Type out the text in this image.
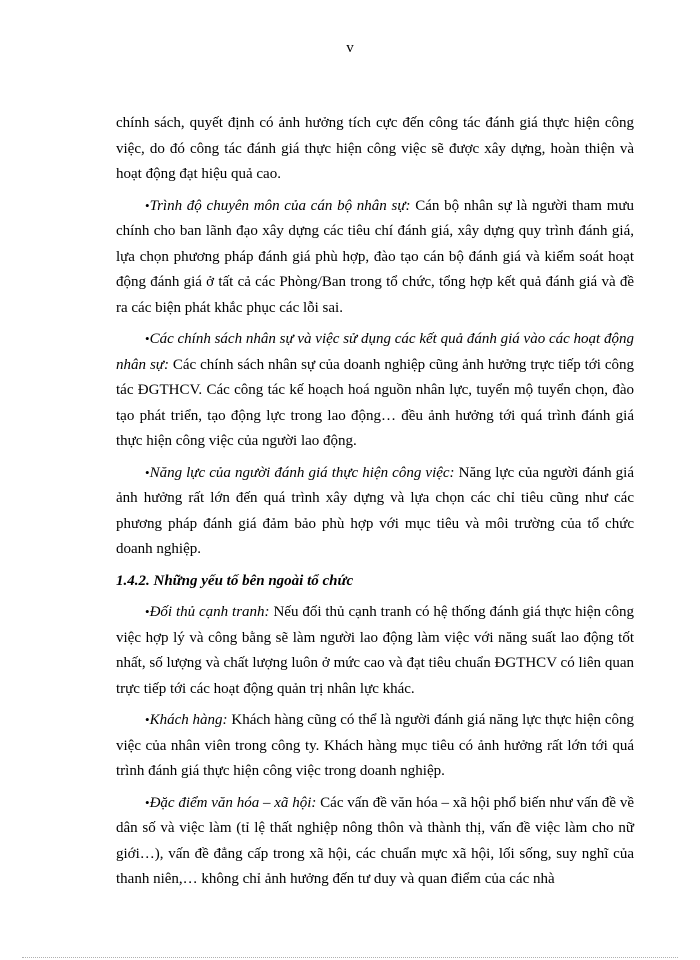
v

chính sách, quyết định có ảnh hưởng tích cực đến công tác đánh giá thực hiện công việc, do đó công tác đánh giá thực hiện công việc sẽ được xây dựng, hoàn thiện và hoạt động đạt hiệu quả cao.

•Trình độ chuyên môn của cán bộ nhân sự: Cán bộ nhân sự là người tham mưu chính cho ban lãnh đạo xây dựng các tiêu chí đánh giá, xây dựng quy trình đánh giá, lựa chọn phương pháp đánh giá phù hợp, đào tạo cán bộ đánh giá và kiểm soát hoạt động đánh giá ở tất cả các Phòng/Ban trong tổ chức, tổng hợp kết quả đánh giá và đề ra các biện phát khắc phục các lỗi sai.

•Các chính sách nhân sự và việc sử dụng các kết quả đánh giá vào các hoạt động nhân sự: Các chính sách nhân sự của doanh nghiệp cũng ảnh hưởng trực tiếp tới công tác ĐGTHCV. Các công tác kế hoạch hoá nguồn nhân lực, tuyển mộ tuyển chọn, đào tạo phát triển, tạo động lực trong lao động… đều ảnh hưởng tới quá trình đánh giá thực hiện công việc của người lao động.

•Năng lực của người đánh giá thực hiện công việc: Năng lực của người đánh giá ảnh hưởng rất lớn đến quá trình xây dựng và lựa chọn các chỉ tiêu cũng như các phương pháp đánh giá đảm bảo phù hợp với mục tiêu và môi trường của tổ chức doanh nghiệp.

1.4.2. Những yếu tố bên ngoài tổ chức

•Đối thủ cạnh tranh: Nếu đối thủ cạnh tranh có hệ thống đánh giá thực hiện công việc hợp lý và công bằng sẽ làm người lao động làm việc với năng suất lao động tốt nhất, số lượng và chất lượng luôn ở mức cao và đạt tiêu chuẩn ĐGTHCV có liên quan trực tiếp tới các hoạt động quản trị nhân lực khác.

•Khách hàng: Khách hàng cũng có thể là người đánh giá năng lực thực hiện công việc của nhân viên trong công ty. Khách hàng mục tiêu có ảnh hưởng rất lớn tới quá trình đánh giá thực hiện công việc trong doanh nghiệp.

•Đặc điểm văn hóa – xã hội: Các vấn đề văn hóa – xã hội phổ biến như vấn đề về dân số và việc làm (tỉ lệ thất nghiệp nông thôn và thành thị, vấn đề việc làm cho nữ giới…), vấn đề đẳng cấp trong xã hội, các chuẩn mực xã hội, lối sống, suy nghĩ của thanh niên,… không chỉ ảnh hưởng đến tư duy và quan điểm của các nhà
